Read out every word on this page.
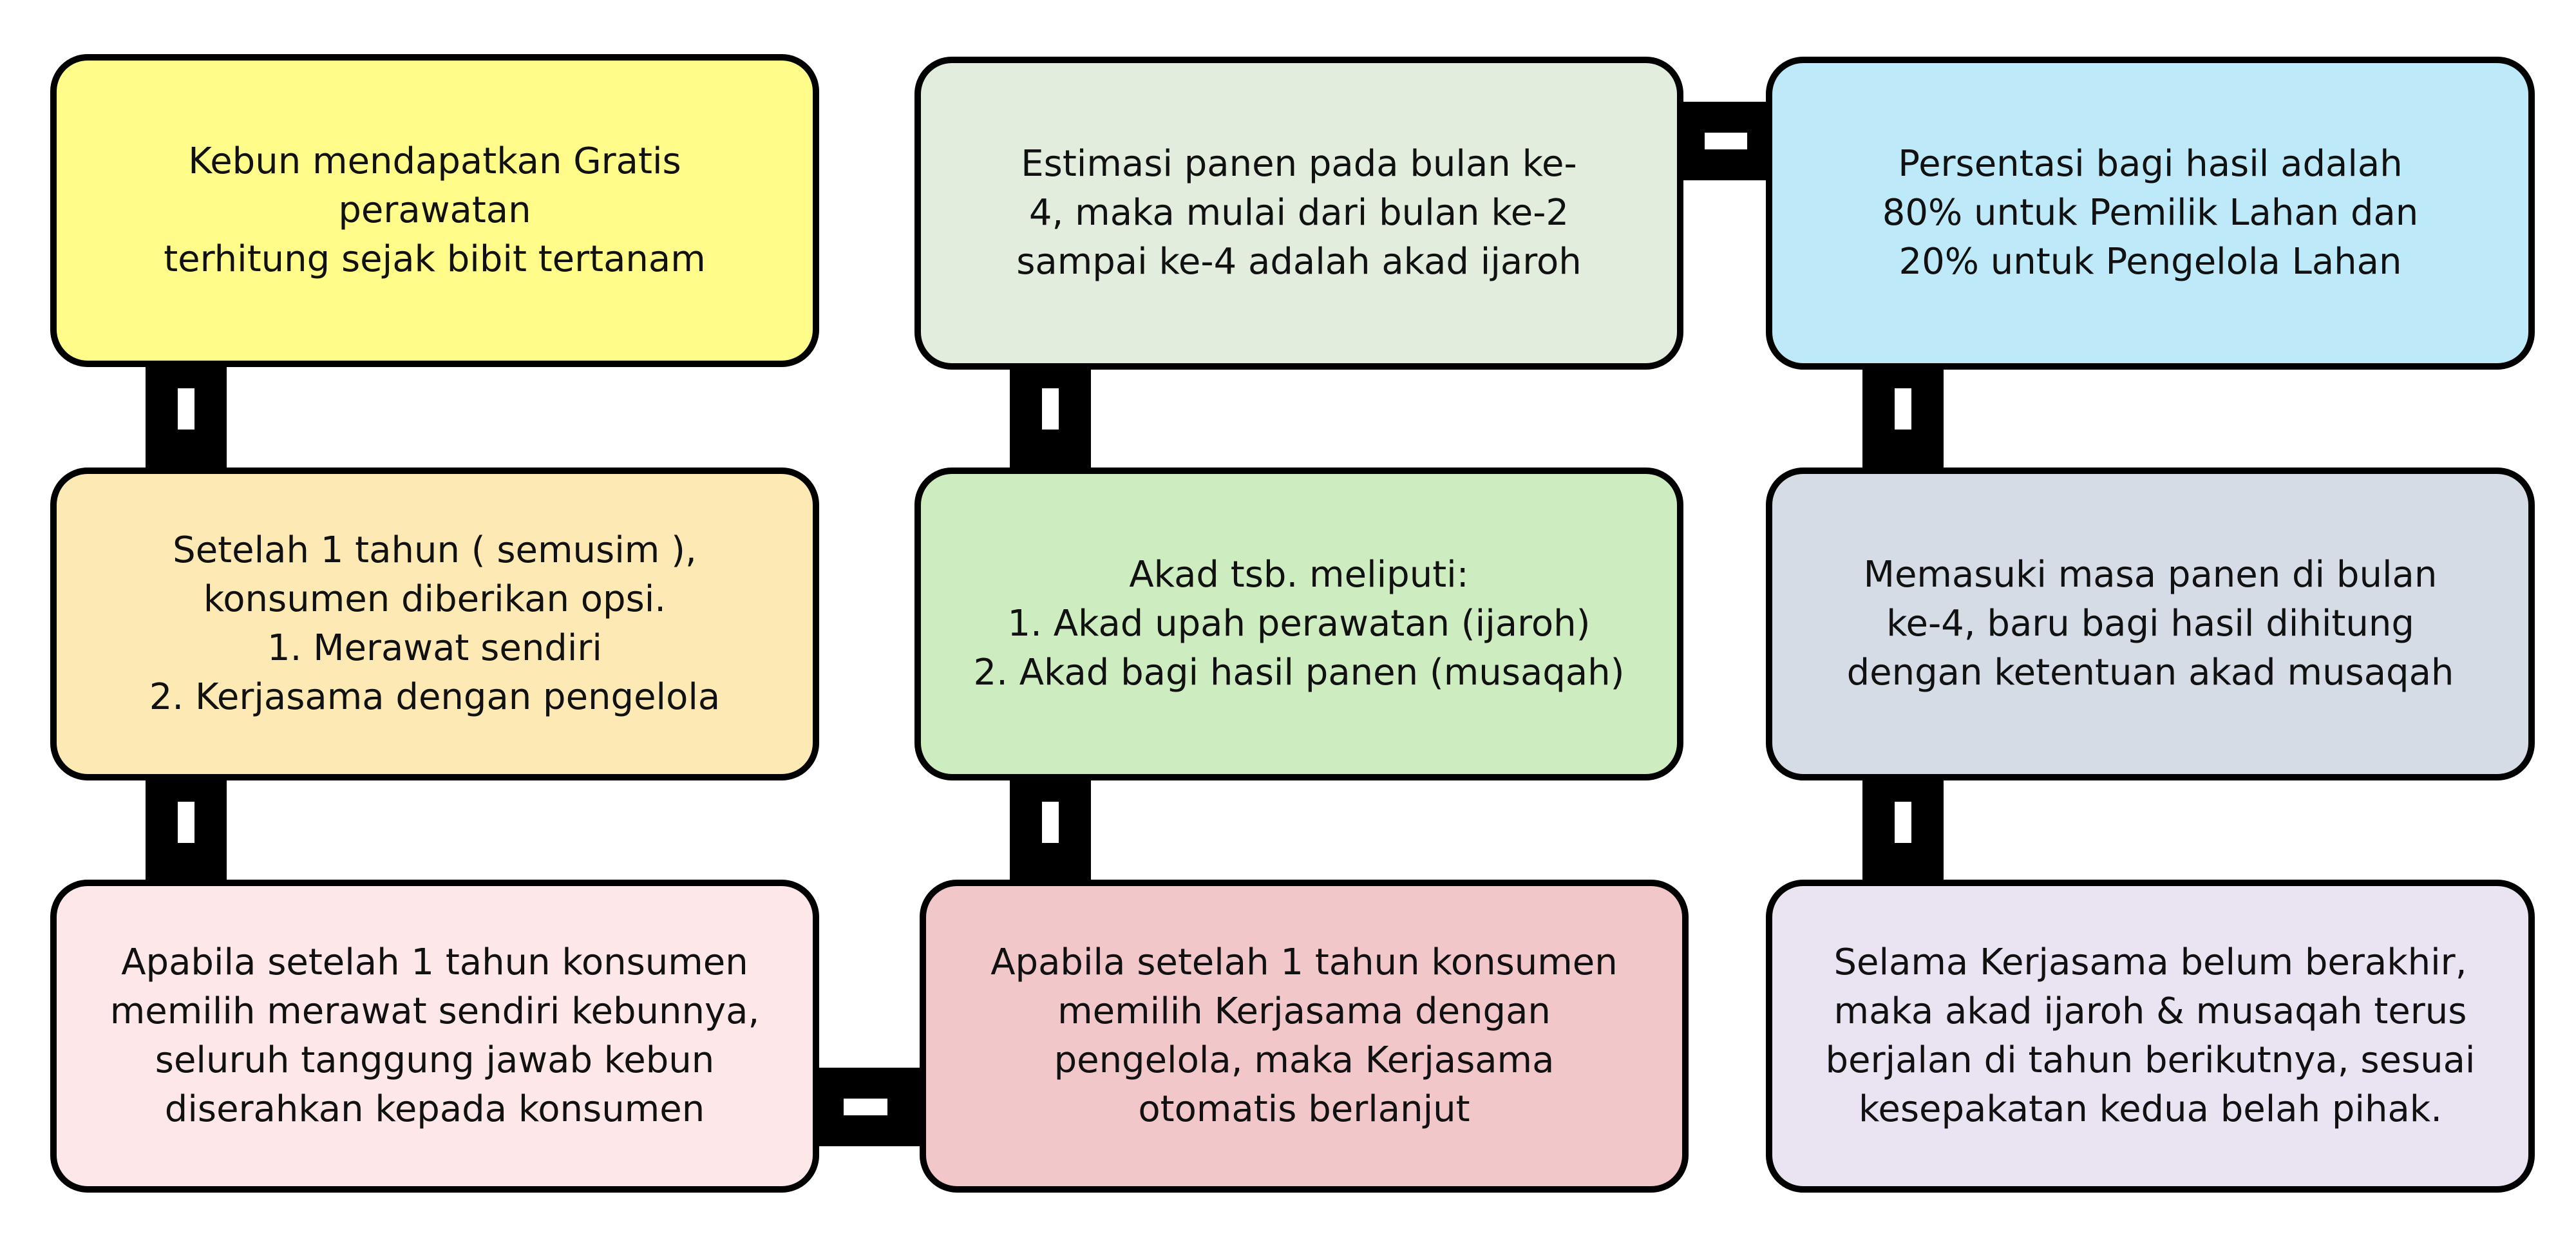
Kebun mendapatkan Gratis
perawatan
terhitung sejak bibit tertanam
Estimasi panen pada bulan ke-
4, maka mulai dari bulan ke-2
sampai ke-4 adalah akad ijaroh
Persentasi bagi hasil adalah
80% untuk Pemilik Lahan dan
20% untuk Pengelola Lahan
Setelah 1 tahun ( semusim ),
konsumen diberikan opsi.
1. Merawat sendiri
2. Kerjasama dengan pengelola
Akad tsb. meliputi:
1. Akad upah perawatan (ijaroh)
2. Akad bagi hasil panen (musaqah)
Memasuki masa panen di bulan
ke-4, baru bagi hasil dihitung
dengan ketentuan akad musaqah
Apabila setelah 1 tahun konsumen
memilih merawat sendiri kebunnya,
seluruh tanggung jawab kebun
diserahkan kepada konsumen
Apabila setelah 1 tahun konsumen
memilih Kerjasama dengan
pengelola, maka Kerjasama
otomatis berlanjut
Selama Kerjasama belum berakhir,
maka akad ijaroh & musaqah terus
berjalan di tahun berikutnya, sesuai
kesepakatan kedua belah pihak.
